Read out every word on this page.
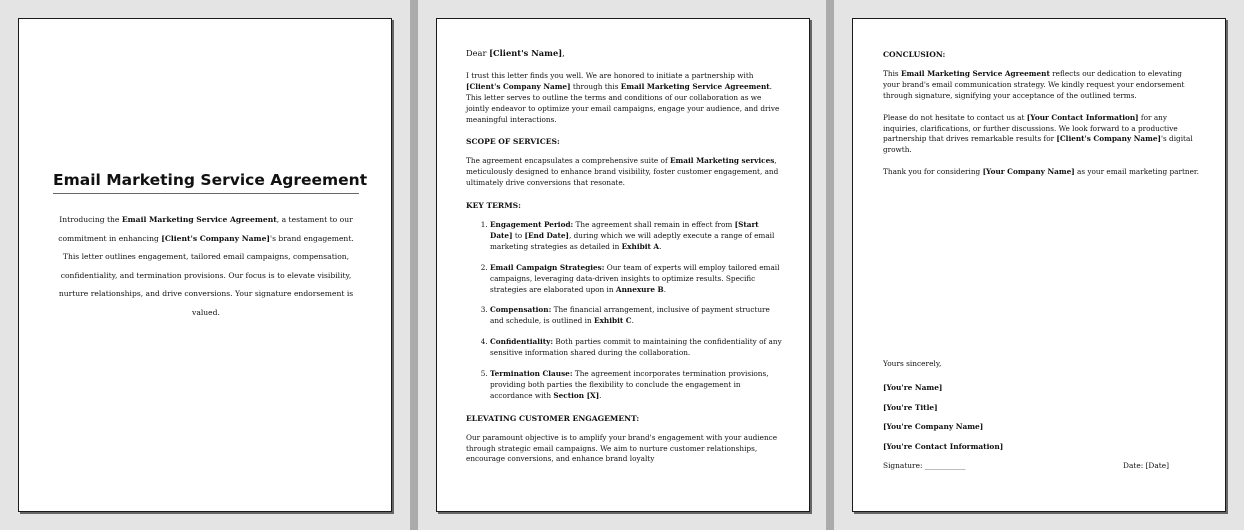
Email Marketing Service Agreement
Introducing the Email Marketing Service Agreement, a testament to our commitment in enhancing [Client's Company Name]'s brand engagement. This letter outlines engagement, tailored email campaigns, compensation, confidentiality, and termination provisions. Our focus is to elevate visibility, nurture relationships, and drive conversions. Your signature endorsement is valued.

Dear [Client's Name],

I trust this letter finds you well. We are honored to initiate a partnership with [Client's Company Name] through this Email Marketing Service Agreement. This letter serves to outline the terms and conditions of our collaboration as we jointly endeavor to optimize your email campaigns, engage your audience, and drive meaningful interactions.

SCOPE OF SERVICES:

The agreement encapsulates a comprehensive suite of Email Marketing services, meticulously designed to enhance brand visibility, foster customer engagement, and ultimately drive conversions that resonate.

KEY TERMS:

1. Engagement Period: The agreement shall remain in effect from [Start Date] to [End Date], during which we will adeptly execute a range of email marketing strategies as detailed in Exhibit A.
2. Email Campaign Strategies: Our team of experts will employ tailored email campaigns, leveraging data-driven insights to optimize results. Specific strategies are elaborated upon in Annexure B.
3. Compensation: The financial arrangement, inclusive of payment structure and schedule, is outlined in Exhibit C.
4. Confidentiality: Both parties commit to maintaining the confidentiality of any sensitive information shared during the collaboration.
5. Termination Clause: The agreement incorporates termination provisions, providing both parties the flexibility to conclude the engagement in accordance with Section [X].

ELEVATING CUSTOMER ENGAGEMENT:

Our paramount objective is to amplify your brand's engagement with your audience through strategic email campaigns. We aim to nurture customer relationships, encourage conversions, and enhance brand loyalty

CONCLUSION:

This Email Marketing Service Agreement reflects our dedication to elevating your brand's email communication strategy. We kindly request your endorsement through signature, signifying your acceptance of the outlined terms.

Please do not hesitate to contact us at [Your Contact Information] for any inquiries, clarifications, or further discussions. We look forward to a productive partnership that drives remarkable results for [Client's Company Name]'s digital growth.

Thank you for considering [Your Company Name] as your email marketing partner.

Yours sincerely,
[You're Name]
[You're Title]
[You're Company Name]
[You're Contact Information]
Signature: ___________	Date: [Date]
